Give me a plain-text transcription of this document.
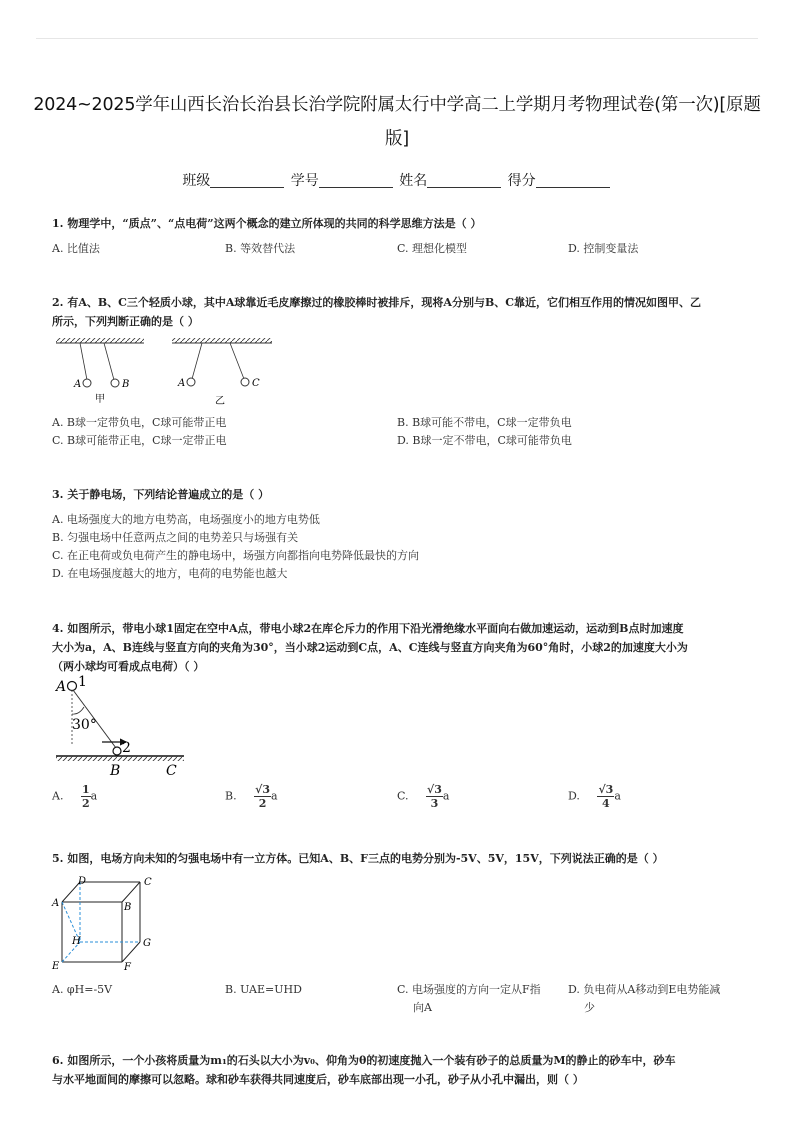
2024~2025学年山西长治长治县长治学院附属太行中学高二上学期月考物理试卷(第一次)[原题
版]
班级	学号	姓名	得分
1. 物理学中，“质点”、“点电荷”这两个概念的建立所体现的共同的科学思维方法是（ ）
A. 比值法	B. 等效替代法	C. 理想化模型	D. 控制变量法
2. 有A、B、C三个轻质小球，其中A球靠近毛皮摩擦过的橡胶棒时被排斥，现将A分别与B、C靠近，它们相互作用的情况如图甲、乙
所示，下列判断正确的是（ ）
A	B
甲
A	C
乙
A. B球一定带负电，C球可能带正电	B. B球可能不带电，C球一定带负电
C. B球可能带正电，C球一定带正电	D. B球一定不带电，C球可能带负电
3. 关于静电场，下列结论普遍成立的是（ ）
A. 电场强度大的地方电势高，电场强度小的地方电势低
B. 匀强电场中任意两点之间的电势差只与场强有关
C. 在正电荷或负电荷产生的静电场中，场强方向都指向电势降低最快的方向
D. 在电场强度越大的地方，电荷的电势能也越大
4. 如图所示，带电小球1固定在空中A点，带电小球2在库仑斥力的作用下沿光滑绝缘水平面向右做加速运动，运动到B点时加速度
大小为a，A、B连线与竖直方向的夹角为30°，当小球2运动到C点，A、C连线与竖直方向夹角为60°角时，小球2的加速度大小为
（两小球均可看成点电荷）（ ）
A 1
30°
2
B	C
A. $\frac{1}{2}$ a	B. $\frac{√3}{2}$ a	C. $\frac{√3}{3}$ a	D. $\frac{√3}{4}$ a
5. 如图，电场方向未知的匀强电场中有一立方体。已知A、B、F三点的电势分别为-5V、5V，15V，下列说法正确的是（ ）
D	C
A	B
H	G
E	F
A. φH=-5V	B. UAE=UHD	C. 电场强度的方向一定从F指
向A
D. 负电荷从A移动到E电势能减
少
6. 如图所示，一个小孩将质量为m₁的石头以大小为v₀、仰角为θ的初速度抛入一个装有砂子的总质量为M的静止的砂车中，砂车
与水平地面间的摩擦可以忽略。球和砂车获得共同速度后，砂车底部出现一小孔，砂子从小孔中漏出，则（ ）
